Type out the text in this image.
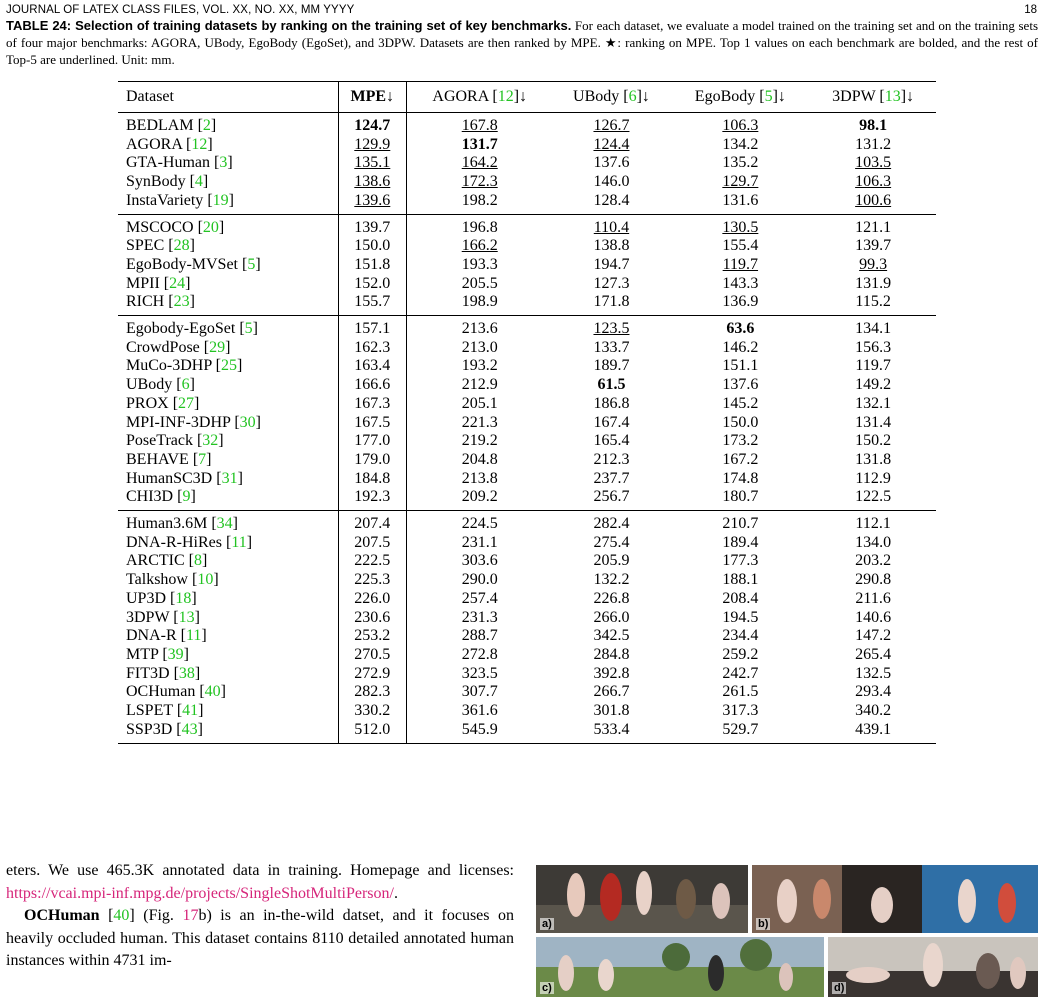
JOURNAL OF LATEX CLASS FILES, VOL. XX, NO. XX, MM YYYY	18
TABLE 24: Selection of training datasets by ranking on the training set of key benchmarks. For each dataset, we evaluate a model trained on the training set and on the training sets of four major benchmarks: AGORA, UBody, EgoBody (EgoSet), and 3DPW. Datasets are then ranked by MPE. ★: ranking on MPE. Top 1 values on each benchmark are bolded, and the rest of Top-5 are underlined. Unit: mm.
Dataset	MPE↓	AGORA [12]↓	UBody [6]↓	EgoBody [5]↓	3DPW [13]↓
BEDLAM [2]	124.7	167.8	126.7	106.3	98.1
AGORA [12]	129.9	131.7	124.4	134.2	131.2
GTA-Human [3]	135.1	164.2	137.6	135.2	103.5
SynBody [4]	138.6	172.3	146.0	129.7	106.3
InstaVariety [19]	139.6	198.2	128.4	131.6	100.6
MSCOCO [20]	139.7	196.8	110.4	130.5	121.1
SPEC [28]	150.0	166.2	138.8	155.4	139.7
EgoBody-MVSet [5]	151.8	193.3	194.7	119.7	99.3
MPII [24]	152.0	205.5	127.3	143.3	131.9
RICH [23]	155.7	198.9	171.8	136.9	115.2
Egobody-EgoSet [5]	157.1	213.6	123.5	63.6	134.1
CrowdPose [29]	162.3	213.0	133.7	146.2	156.3
MuCo-3DHP [25]	163.4	193.2	189.7	151.1	119.7
UBody [6]	166.6	212.9	61.5	137.6	149.2
PROX [27]	167.3	205.1	186.8	145.2	132.1
MPI-INF-3DHP [30]	167.5	221.3	167.4	150.0	131.4
PoseTrack [32]	177.0	219.2	165.4	173.2	150.2
BEHAVE [7]	179.0	204.8	212.3	167.2	131.8
HumanSC3D [31]	184.8	213.8	237.7	174.8	112.9
CHI3D [9]	192.3	209.2	256.7	180.7	122.5
Human3.6M [34]	207.4	224.5	282.4	210.7	112.1
DNA-R-HiRes [11]	207.5	231.1	275.4	189.4	134.0
ARCTIC [8]	222.5	303.6	205.9	177.3	203.2
Talkshow [10]	225.3	290.0	132.2	188.1	290.8
UP3D [18]	226.0	257.4	226.8	208.4	211.6
3DPW [13]	230.6	231.3	266.0	194.5	140.6
DNA-R [11]	253.2	288.7	342.5	234.4	147.2
MTP [39]	270.5	272.8	284.8	259.2	265.4
FIT3D [38]	272.9	323.5	392.8	242.7	132.5
OCHuman [40]	282.3	307.7	266.7	261.5	293.4
LSPET [41]	330.2	361.6	301.8	317.3	340.2
SSP3D [43]	512.0	545.9	533.4	529.7	439.1

eters. We use 465.3K annotated data in training. Homepage and licenses: https://vcai.mpi-inf.mpg.de/projects/SingleShotMultiPerson/.

OCHuman [40] (Fig. 17b) is an in-the-wild datset, and it focuses on heavily occluded human. This dataset contains 8110 detailed annotated human instances within 4731 im-

a)	b)
c)	d)
